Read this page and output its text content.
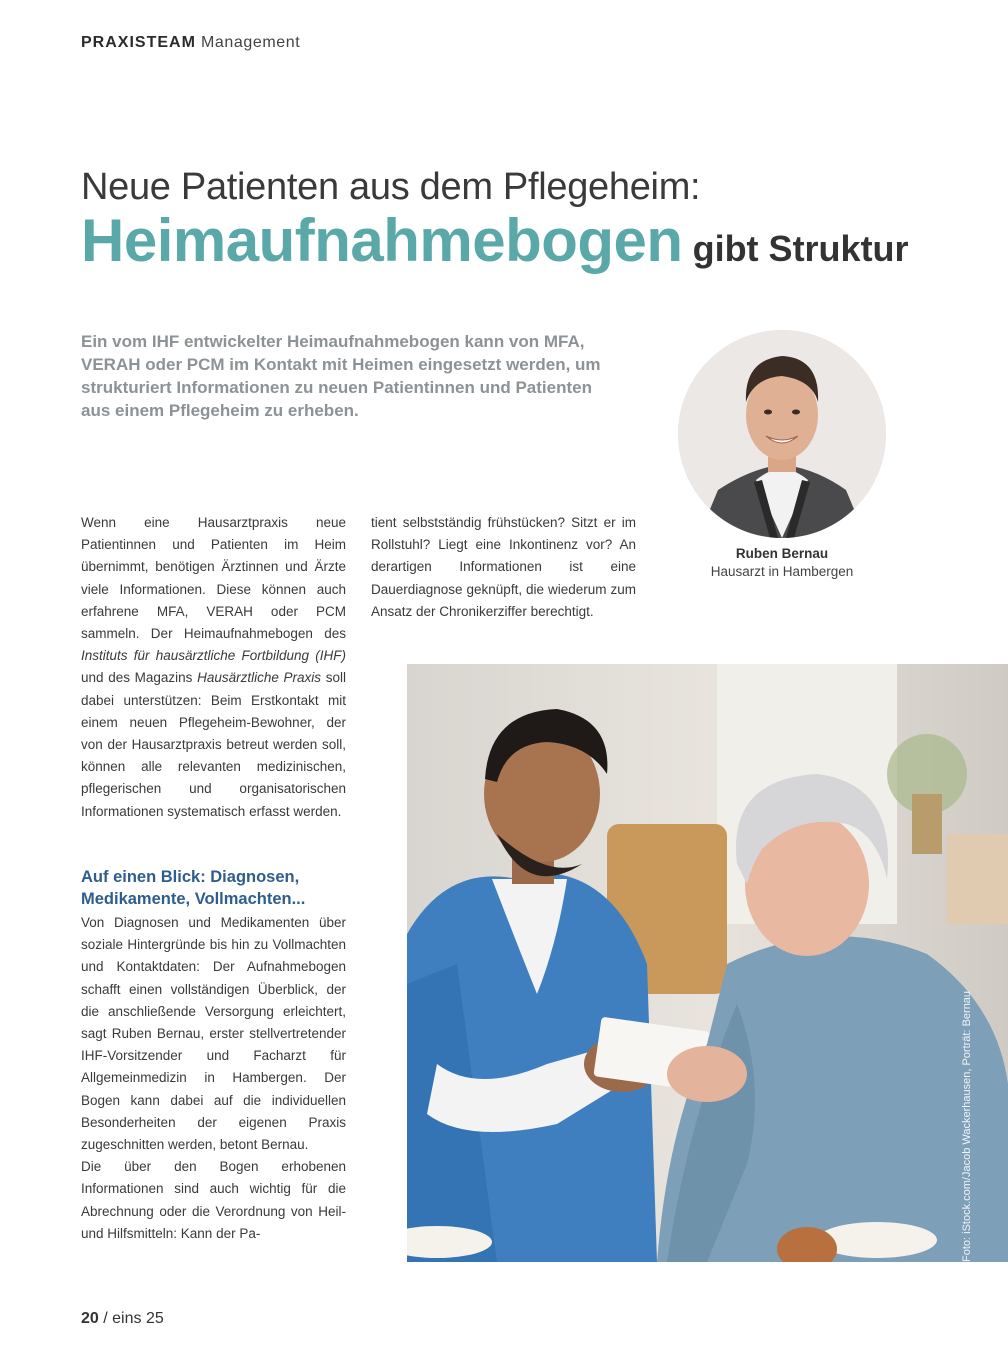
PRAXISTEAM Management
Neue Patienten aus dem Pflegeheim:
Heimaufnahmebogen gibt Struktur
Ein vom IHF entwickelter Heimaufnahmebogen kann von MFA, VERAH oder PCM im Kontakt mit Heimen eingesetzt werden, um strukturiert Informationen zu neuen Patientinnen und Patienten aus einem Pflegeheim zu erheben.
Ruben Bernau
Hausarzt in Hambergen

Wenn eine Hausarztpraxis neue Patientinnen und Patienten im Heim übernimmt, benötigen Ärztinnen und Ärzte viele Informationen. Diese können auch erfahrene MFA, VERAH oder PCM sammeln. Der Heimaufnahmebogen des Instituts für hausärztliche Fortbildung (IHF) und des Magazins Hausärztliche Praxis soll dabei unterstützen: Beim Erstkontakt mit einem neuen Pflegeheim-Bewohner, der von der Hausarztpraxis betreut werden soll, können alle relevanten medizinischen, pflegerischen und organisatorischen Informationen systematisch erfasst werden.

Auf einen Blick: Diagnosen, Medikamente, Vollmachten...

Von Diagnosen und Medikamenten über soziale Hintergründe bis hin zu Vollmachten und Kontaktdaten: Der Aufnahmebogen schafft einen vollständigen Überblick, der die anschließende Versorgung erleichtert, sagt Ruben Bernau, erster stellvertretender IHF-Vorsitzender und Facharzt für Allgemeinmedizin in Hambergen. Der Bogen kann dabei auf die individuellen Besonderheiten der eigenen Praxis zugeschnitten werden, betont Bernau.

Die über den Bogen erhobenen Informationen sind auch wichtig für die Abrechnung oder die Verordnung von Heil- und Hilfsmitteln: Kann der Pa-

tient selbstständig frühstücken? Sitzt er im Rollstuhl? Liegt eine Inkontinenz vor? An derartigen Informationen ist eine Dauerdiagnose geknüpft, die wiederum zum Ansatz der Chronikerziffer berechtigt.

Foto: iStock.com/Jacob Wackerhausen, Porträt: Bernau
20 / eins 25
